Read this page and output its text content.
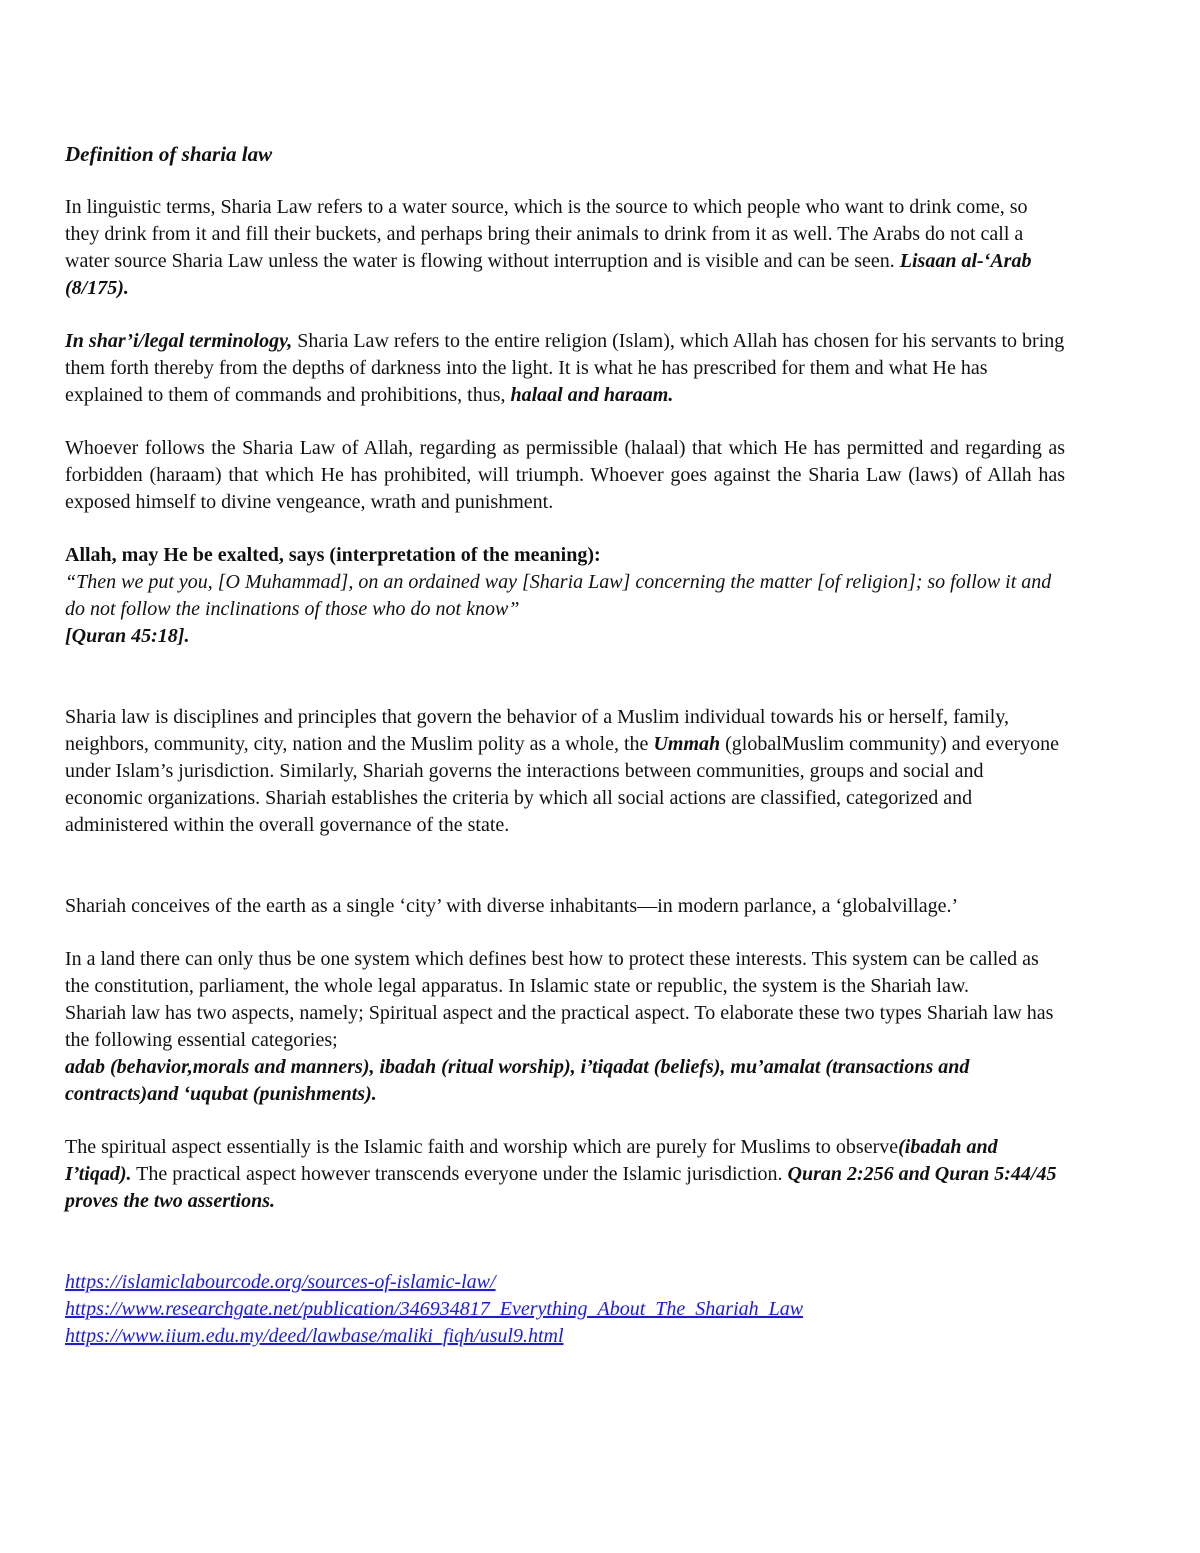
Definition of sharia law

In linguistic terms, Sharia Law refers to a water source, which is the source to which people who want to drink come, so they drink from it and fill their buckets, and perhaps bring their animals to drink from it as well. The Arabs do not call a water source Sharia Law unless the water is flowing without interruption and is visible and can be seen. Lisaan al-‘Arab (8/175).

In shar’i/legal terminology, Sharia Law refers to the entire religion (Islam), which Allah has chosen for his servants to bring them forth thereby from the depths of darkness into the light. It is what he has prescribed for them and what He has explained to them of commands and prohibitions, thus, halaal and haraam.

Whoever follows the Sharia Law of Allah, regarding as permissible (halaal) that which He has permitted and regarding as forbidden (haraam) that which He has prohibited, will triumph. Whoever goes against the Sharia Law (laws) of Allah has exposed himself to divine vengeance, wrath and punishment.

Allah, may He be exalted, says (interpretation of the meaning):
“Then we put you, [O Muhammad], on an ordained way [Sharia Law] concerning the matter [of religion]; so follow it and do not follow the inclinations of those who do not know”
[Quran 45:18].

Sharia law is disciplines and principles that govern the behavior of a Muslim individual towards his or herself, family, neighbors, community, city, nation and the Muslim polity as a whole, the Ummah (globalMuslim community) and everyone under Islam’s jurisdiction. Similarly, Shariah governs the interactions between communities, groups and social and economic organizations. Shariah establishes the criteria by which all social actions are classified, categorized and administered within the overall governance of the state.

Shariah conceives of the earth as a single ‘city’ with diverse inhabitants—in modern parlance, a ‘globalvillage.’

In a land there can only thus be one system which defines best how to protect these interests. This system can be called as the constitution, parliament, the whole legal apparatus. In Islamic state or republic, the system is the Shariah law.
Shariah law has two aspects, namely; Spiritual aspect and the practical aspect. To elaborate these two types Shariah law has the following essential categories;
adab (behavior,morals and manners), ibadah (ritual worship), i’tiqadat (beliefs), mu’amalat (transactions and contracts)and ‘uqubat (punishments).

The spiritual aspect essentially is the Islamic faith and worship which are purely for Muslims to observe(ibadah and I’tiqad). The practical aspect however transcends everyone under the Islamic jurisdiction. Quran 2:256 and Quran 5:44/45 proves the two assertions.

https://islamiclabourcode.org/sources-of-islamic-law/
https://www.researchgate.net/publication/346934817_Everything_About_The_Shariah_Law
https://www.iium.edu.my/deed/lawbase/maliki_fiqh/usul9.html
